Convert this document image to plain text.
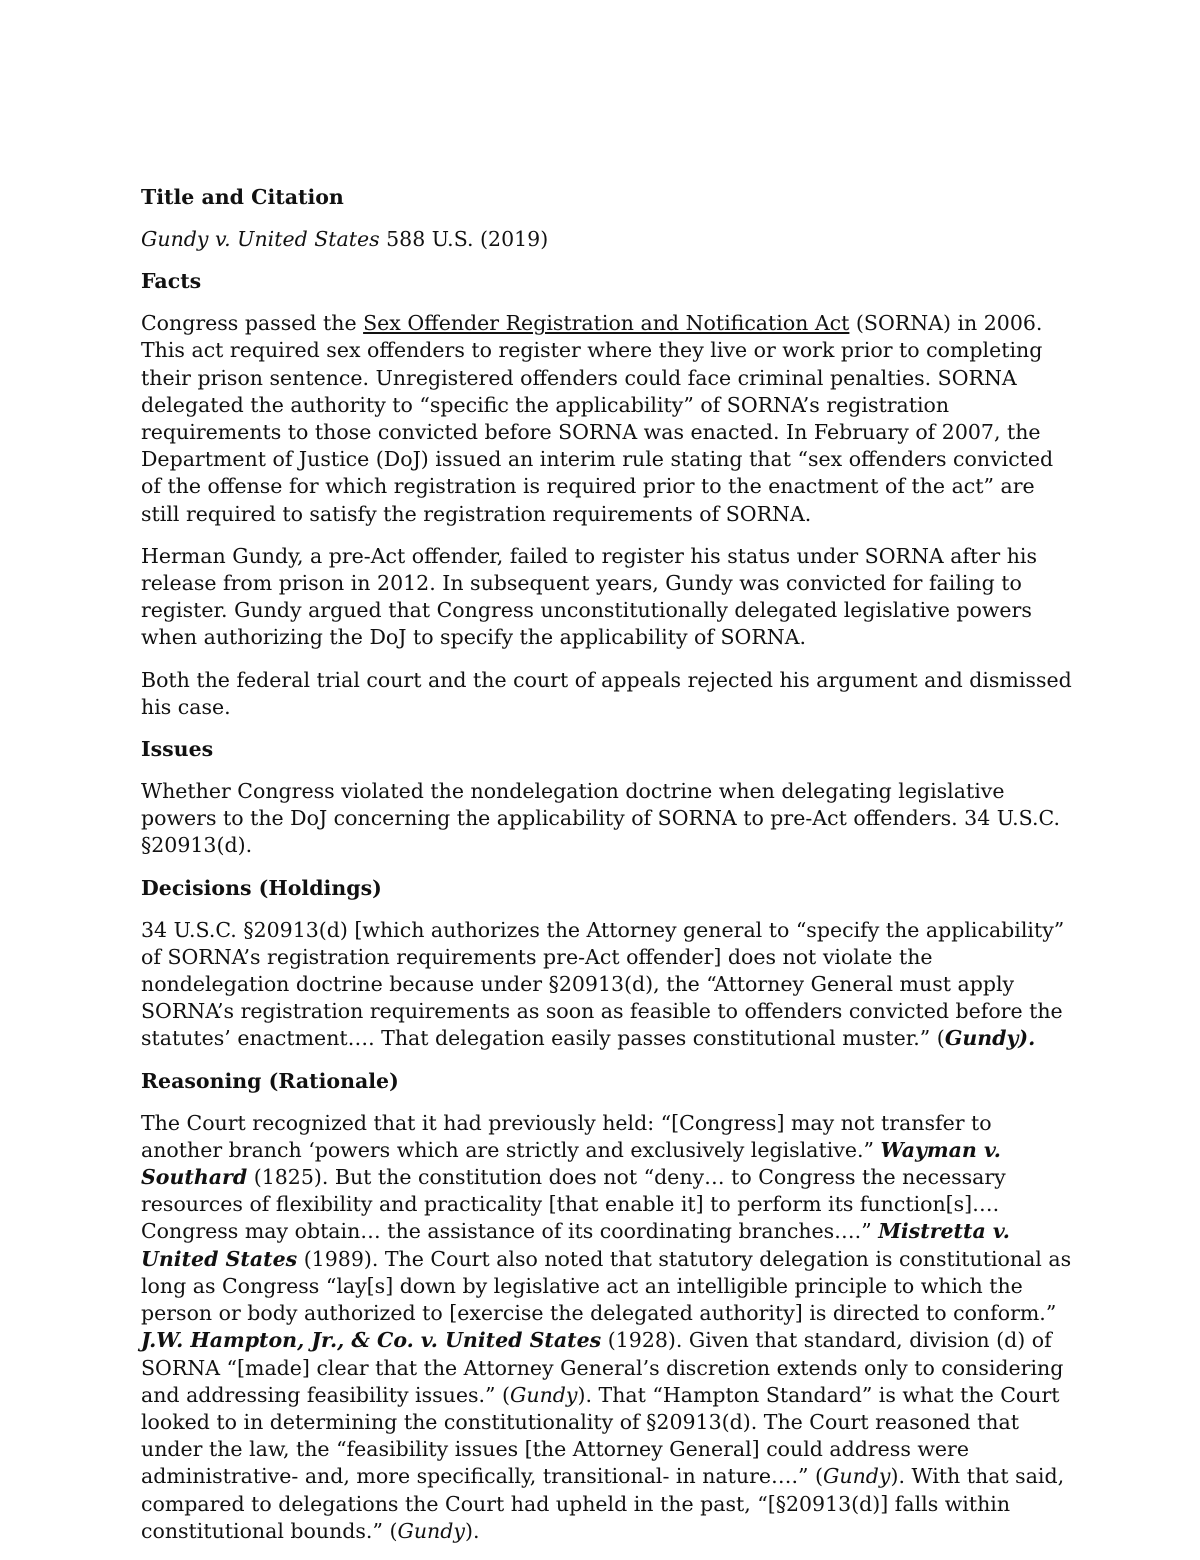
Title and Citation

Gundy v. United States 588 U.S. (2019)

Facts

Congress passed the Sex Offender Registration and Notification Act (SORNA) in 2006. This act required sex offenders to register where they live or work prior to completing their prison sentence. Unregistered offenders could face criminal penalties. SORNA delegated the authority to “specific the applicability” of SORNA’s registration requirements to those convicted before SORNA was enacted. In February of 2007, the Department of Justice (DoJ) issued an interim rule stating that “sex offenders convicted of the offense for which registration is required prior to the enactment of the act” are still required to satisfy the registration requirements of SORNA.

Herman Gundy, a pre-Act offender, failed to register his status under SORNA after his release from prison in 2012. In subsequent years, Gundy was convicted for failing to register. Gundy argued that Congress unconstitutionally delegated legislative powers when authorizing the DoJ to specify the applicability of SORNA.

Both the federal trial court and the court of appeals rejected his argument and dismissed his case.

Issues

Whether Congress violated the nondelegation doctrine when delegating legislative powers to the DoJ concerning the applicability of SORNA to pre-Act offenders. 34 U.S.C. §20913(d).

Decisions (Holdings)

34 U.S.C. §20913(d) [which authorizes the Attorney general to “specify the applicability” of SORNA’s registration requirements pre-Act offender] does not violate the nondelegation doctrine because under §20913(d), the “Attorney General must apply SORNA’s registration requirements as soon as feasible to offenders convicted before the statutes’ enactment…. That delegation easily passes constitutional muster.” (Gundy).

Reasoning (Rationale)

The Court recognized that it had previously held: “[Congress] may not transfer to another branch ‘powers which are strictly and exclusively legislative.” Wayman v. Southard (1825). But the constitution does not “deny… to Congress the necessary resources of flexibility and practicality [that enable it] to perform its function[s]…. Congress may obtain… the assistance of its coordinating branches….” Mistretta v. United States (1989). The Court also noted that statutory delegation is constitutional as long as Congress “lay[s] down by legislative act an intelligible principle to which the person or body authorized to [exercise the delegated authority] is directed to conform.” J.W. Hampton, Jr., & Co. v. United States (1928). Given that standard, division (d) of SORNA “[made] clear that the Attorney General’s discretion extends only to considering and addressing feasibility issues.” (Gundy). That “Hampton Standard” is what the Court looked to in determining the constitutionality of §20913(d). The Court reasoned that under the law, the “feasibility issues [the Attorney General] could address were administrative- and, more specifically, transitional- in nature….” (Gundy). With that said, compared to delegations the Court had upheld in the past, “[§20913(d)] falls within constitutional bounds.” (Gundy).
